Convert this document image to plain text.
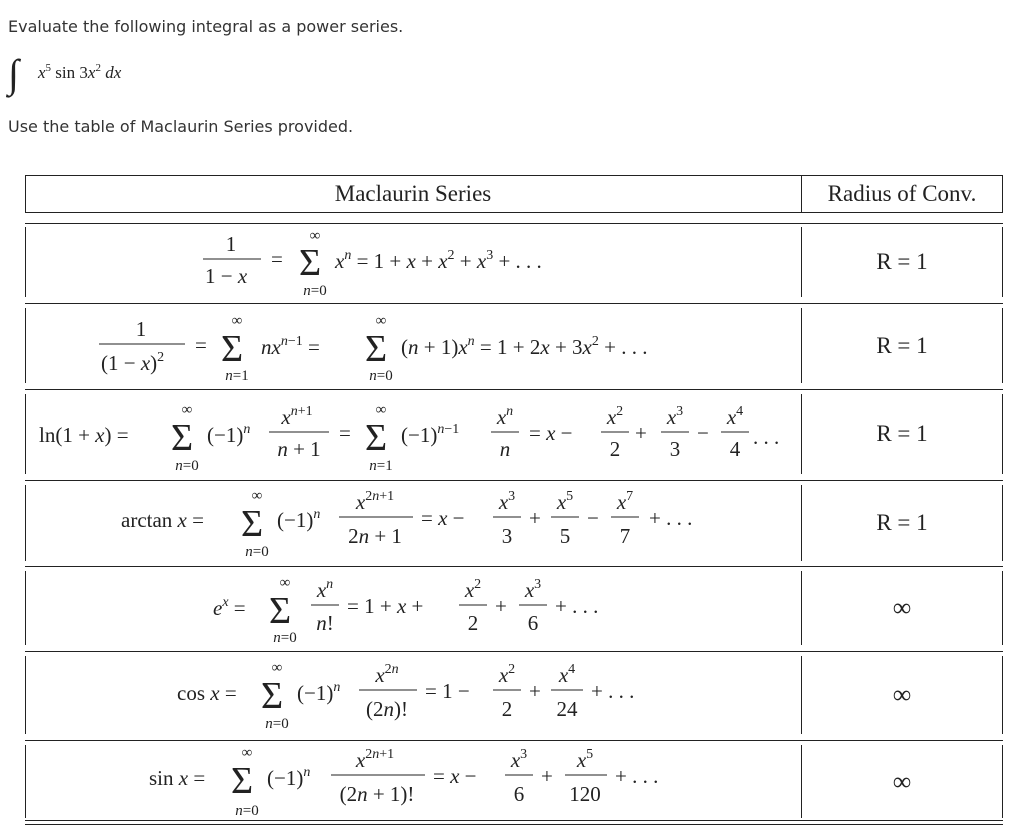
Evaluate the following integral as a power series.
∫ $x^5$ $\sin 3x^2$ dx
Use the table of Maclaurin Series provided.
Maclaurin Series	Radius of Conv.
R = 1
R = 1
R = 1
R = 1
∞
∞
∞
1
1 − x
= Σ
∞
n=0
$x^n = 1 + x + x^2 + x^3$ + . . .
1
$(1 - x)^2$
= Σ
∞
n=1
$nx^n-1 = \Sigma$
∞
n=0
$(n + 1)x^n = 1 + 2x + 3x^2$ + . . .
ln(1 + x) = Σ
∞
n=0
$(-1)^n$
$x^n+1$
n + 1
= Σ
∞
n=1
$(-1)^n-1$
$x^n$
n
= x −
$x^2$
2
+
$x^3$
3
−
$x^4$
4 . . .
arctan x = Σ
∞
n=0
$(-1)^n$
$x^2n+1$
2n + 1
= x −
$x^3$
3
+
$x^5$
5
−
$x^7$
7
+ . . .
$e^x = \Sigma$
∞
n=0
$x^n$
n!
= 1 + x +
$x^2$
2
+
$x^3$
6
+ . . .
cos x = Σ
∞
n=0
$(-1)^n$
$x^2n$
(2n)!
= 1 −
$x^2$
2
+
$x^4$
24
+ . . .
sin x = Σ
∞
n=0
$(-1)^n$
$x^2n+1$
(2n + 1)!
= x −
$x^3$
6
+
$x^5$
120
+ . . .
